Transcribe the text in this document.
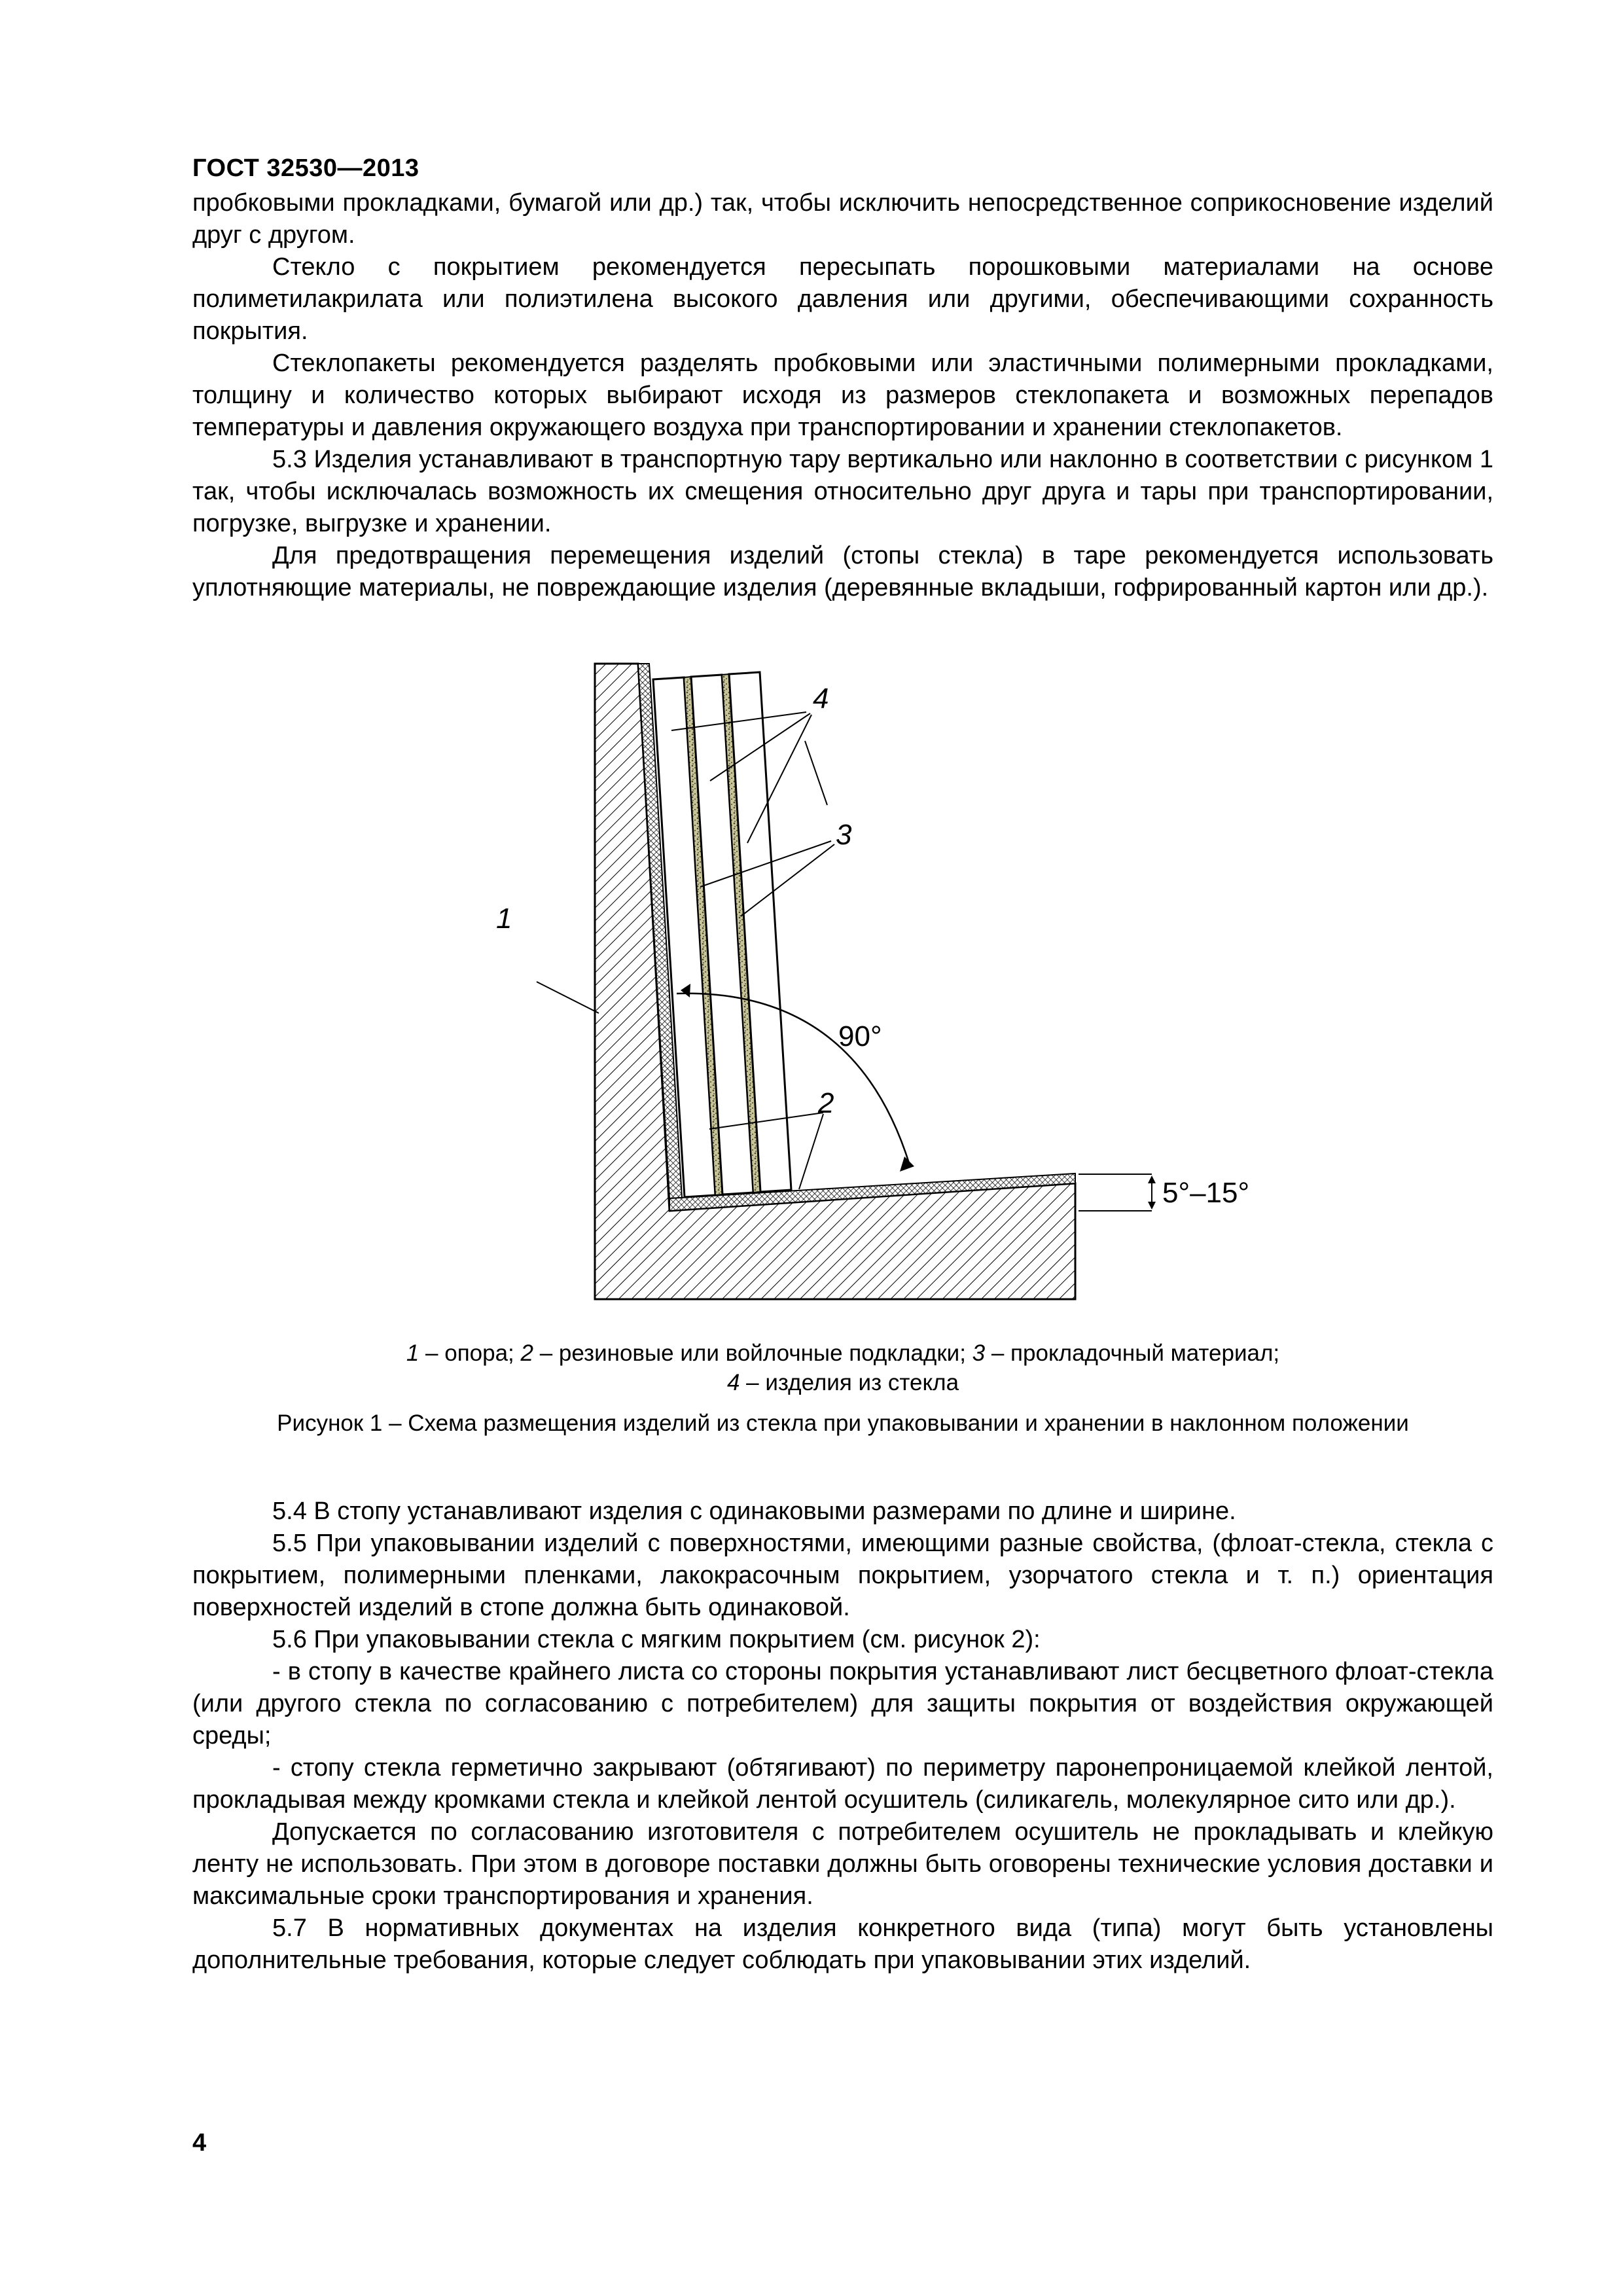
ГОСТ 32530—2013

пробковыми прокладками, бумагой или др.) так, чтобы исключить непосредственное соприкосновение изделий друг с другом.

Стекло с покрытием рекомендуется пересыпать порошковыми материалами на основе полиметилакрилата или полиэтилена высокого давления или другими, обеспечивающими сохранность покрытия.

Стеклопакеты рекомендуется разделять пробковыми или эластичными полимерными прокладками, толщину и количество которых выбирают исходя из размеров стеклопакета и возможных перепадов температуры и давления окружающего воздуха при транспортировании и хранении стеклопакетов.

5.3 Изделия устанавливают в транспортную тару вертикально или наклонно в соответствии с рисунком 1 так, чтобы исключалась возможность их смещения относительно друг друга и тары при транспортировании, погрузке, выгрузке и хранении.

Для предотвращения перемещения изделий (стопы стекла) в таре рекомендуется использовать уплотняющие материалы, не повреждающие изделия (деревянные вкладыши, гофрированный картон или др.).

4
3
1
2
90°
5°–15°
1 – опора; 2 – резиновые или войлочные подкладки; 3 – прокладочный материал;
4 – изделия из стекла
Рисунок 1 – Схема размещения изделий из стекла при упаковывании и хранении в наклонном положении

5.4 В стопу устанавливают изделия с одинаковыми размерами по длине и ширине.

5.5 При упаковывании изделий с поверхностями, имеющими разные свойства, (флоат-стекла, стекла с покрытием, полимерными пленками, лакокрасочным покрытием, узорчатого стекла и т. п.) ориентация поверхностей изделий в стопе должна быть одинаковой.

5.6 При упаковывании стекла с мягким покрытием (см. рисунок 2):

- в стопу в качестве крайнего листа со стороны покрытия устанавливают лист бесцветного флоат-стекла (или другого стекла по согласованию с потребителем) для защиты покрытия от воздействия окружающей среды;

- стопу стекла герметично закрывают (обтягивают) по периметру паронепроницаемой клейкой лентой, прокладывая между кромками стекла и клейкой лентой осушитель (силикагель, молекулярное сито или др.).

Допускается по согласованию изготовителя с потребителем осушитель не прокладывать и клейкую ленту не использовать. При этом в договоре поставки должны быть оговорены технические условия доставки и максимальные сроки транспортирования и хранения.

5.7 В нормативных документах на изделия конкретного вида (типа) могут быть установлены дополнительные требования, которые следует соблюдать при упаковывании этих изделий.

4
